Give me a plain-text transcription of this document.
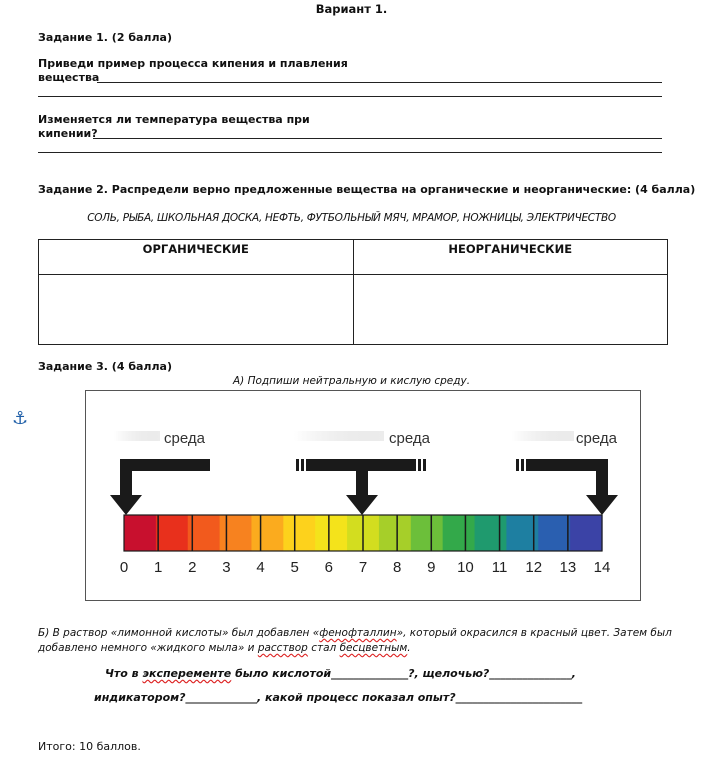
Вариант 1.
Задание 1. (2 балла)
Приведи пример процесса кипения и плавления
вещества
Изменяется ли температура вещества при
кипении?
Задание 2. Распредели верно предложенные вещества на органические и неорганические: (4 балла)
СОЛЬ, РЫБА, ШКОЛЬНАЯ ДОСКА, НЕФТЬ, ФУТБОЛЬНЫЙ МЯЧ, МРАМОР, НОЖНИЦЫ, ЭЛЕКТРИЧЕСТВО
ОРГАНИЧЕСКИЕ	НЕОРГАНИЧЕСКИЕ

Задание 3. (4 балла)
А) Подпиши нейтральную и кислую среду.
⚓
среда	среда	среда
0 1 2 3 4 5 6 7 8 9 10 11 12 13 14
Б) В раствор «лимонной кислоты» был добавлен «фенофталлин», который окрасился в красный цвет. Затем был
добавлено немного «жидкого мыла» и расствор стал бесцветным.
Что в эксперементе было кислотой______________?, щелочью?_______________,
индикатором?_____________, какой процесс показал опыт?_______________________
Итого: 10 баллов.
